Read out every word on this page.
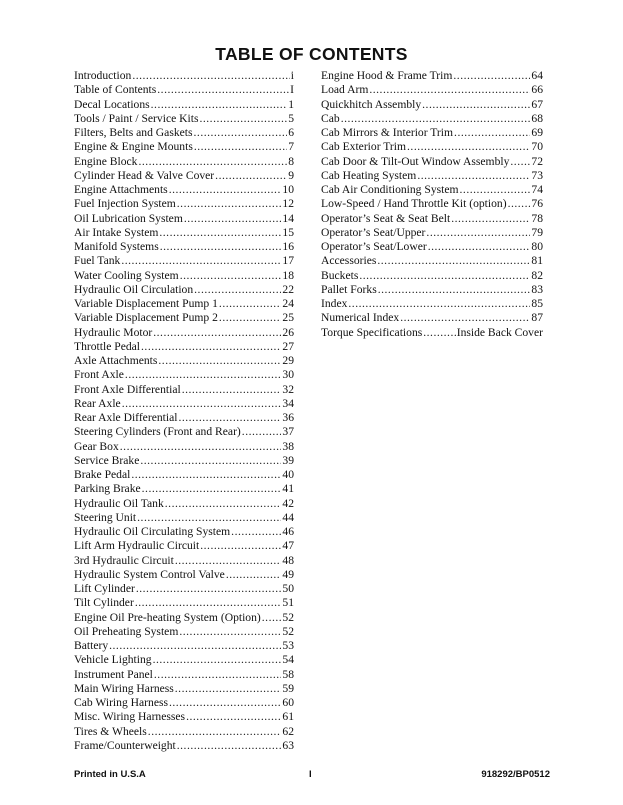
TABLE OF CONTENTS
Introduction .....	i
Table of Contents .....	I
Decal Locations .....	1
Tools / Paint / Service Kits .....	5
Filters, Belts and Gaskets .....	6
Engine & Engine Mounts .....	7
Engine Block .....	8
Cylinder Head & Valve Cover .....	9
Engine Attachments .....	10
Fuel Injection System .....	12
Oil Lubrication System .....	14
Air Intake System .....	15
Manifold Systems .....	16
Fuel Tank .....	17
Water Cooling System .....	18
Hydraulic Oil Circulation .....	22
Variable Displacement Pump 1 .....	24
Variable Displacement Pump 2 .....	25
Hydraulic Motor .....	26
Throttle Pedal .....	27
Axle Attachments .....	29
Front Axle .....	30
Front Axle Differential .....	32
Rear Axle .....	34
Rear Axle Differential .....	36
Steering Cylinders (Front and Rear) .....	37
Gear Box .....	38
Service Brake .....	39
Brake Pedal .....	40
Parking Brake .....	41
Hydraulic Oil Tank .....	42
Steering Unit .....	44
Hydraulic Oil Circulating System .....	46
Lift Arm Hydraulic Circuit .....	47
3rd Hydraulic Circuit .....	48
Hydraulic System Control Valve .....	49
Lift Cylinder .....	50
Tilt Cylinder .....	51
Engine Oil Pre-heating System (Option) ..... 52
Oil Preheating System .....	52
Battery .....	53
Vehicle Lighting .....	54
Instrument Panel .....	58
Main Wiring Harness .....	59
Cab Wiring Harness .....	60
Misc. Wiring Harnesses .....	61
Tires & Wheels .....	62
Frame/Counterweight .....	63
Engine Hood & Frame Trim .....	64
Load Arm .....	66
Quickhitch Assembly .....	67
Cab .....	68
Cab Mirrors & Interior Trim .....	69
Cab Exterior Trim .....	70
Cab Door & Tilt-Out Window Assembly ..... 72
Cab Heating System .....	73
Cab Air Conditioning System .....	74
Low-Speed / Hand Throttle Kit (option) ..... 76
Operator’s Seat & Seat Belt .....	78
Operator’s Seat/Upper .....	79
Operator’s Seat/Lower .....	80
Accessories .....	81
Buckets .....	82
Pallet Forks .....	83
Index .....	85
Numerical Index .....	87
Torque Specifications .....	Inside Back Cover
Printed in U.S.A	I	918292/BP0512
